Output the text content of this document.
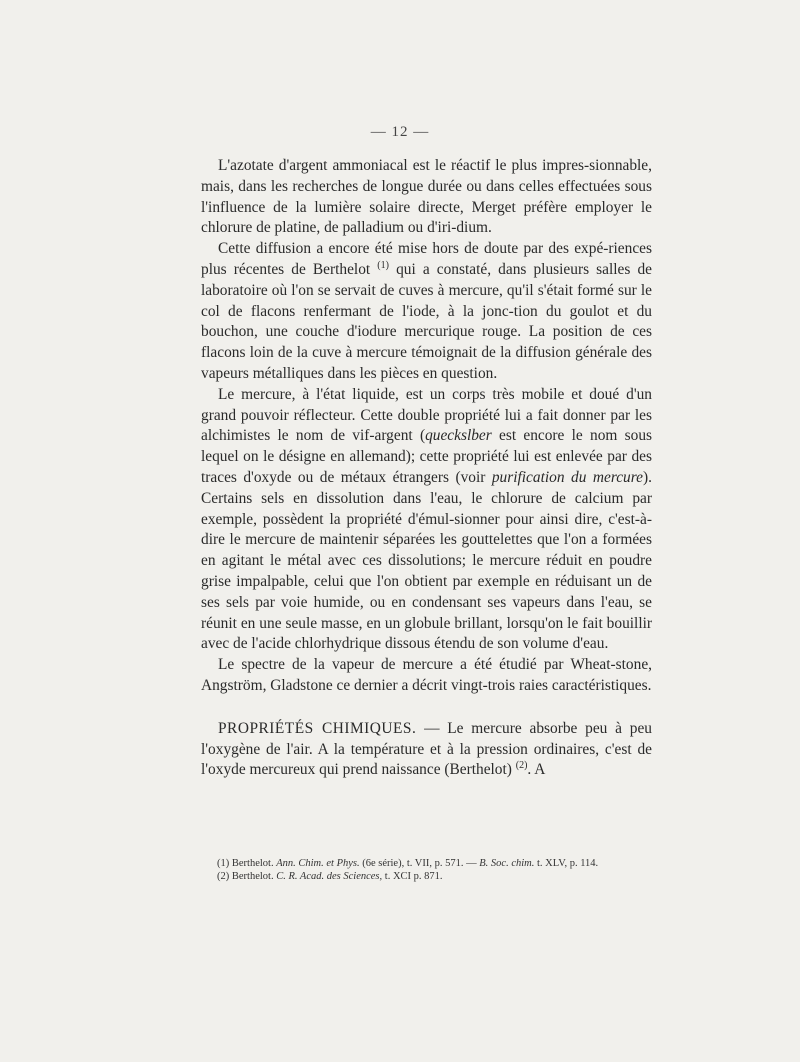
— 12 —

L'azotate d'argent ammoniacal est le réactif le plus impres-sionnable, mais, dans les recherches de longue durée ou dans celles effectuées sous l'influence de la lumière solaire directe, Merget préfère employer le chlorure de platine, de palladium ou d'iri-dium.

Cette diffusion a encore été mise hors de doute par des expé-riences plus récentes de Berthelot $^{(1)}$ qui a constaté, dans plusieurs salles de laboratoire où l'on se servait de cuves à mercure, qu'il s'était formé sur le col de flacons renfermant de l'iode, à la jonc-tion du goulot et du bouchon, une couche d'iodure mercurique rouge. La position de ces flacons loin de la cuve à mercure témoignait de la diffusion générale des vapeurs métalliques dans les pièces en question.

Le mercure, à l'état liquide, est un corps très mobile et doué d'un grand pouvoir réflecteur. Cette double propriété lui a fait donner par les alchimistes le nom de vif-argent (queckslber est encore le nom sous lequel on le désigne en allemand); cette propriété lui est enlevée par des traces d'oxyde ou de métaux étrangers (voir purification du mercure). Certains sels en dissolution dans l'eau, le chlorure de calcium par exemple, possèdent la propriété d'émul-sionner pour ainsi dire, c'est-à-dire le mercure de maintenir séparées les gouttelettes que l'on a formées en agitant le métal avec ces dissolutions; le mercure réduit en poudre grise impalpable, celui que l'on obtient par exemple en réduisant un de ses sels par voie humide, ou en condensant ses vapeurs dans l'eau, se réunit en une seule masse, en un globule brillant, lorsqu'on le fait bouillir avec de l'acide chlorhydrique dissous étendu de son volume d'eau.

Le spectre de la vapeur de mercure a été étudié par Wheat-stone, Angström, Gladstone ce dernier a décrit vingt-trois raies caractéristiques.

PROPRIÉTÉS CHIMIQUES. — Le mercure absorbe peu à peu l'oxygène de l'air. A la température et à la pression ordinaires, c'est de l'oxyde mercureux qui prend naissance (Berthelot) $^{(2)}$. A

(1) Berthelot. Ann. Chim. et Phys. (6e série), t. VII, p. 571. — B. Soc. chim. t. XLV, p. 114.

(2) Berthelot. C. R. Acad. des Sciences, t. XCI p. 871.
